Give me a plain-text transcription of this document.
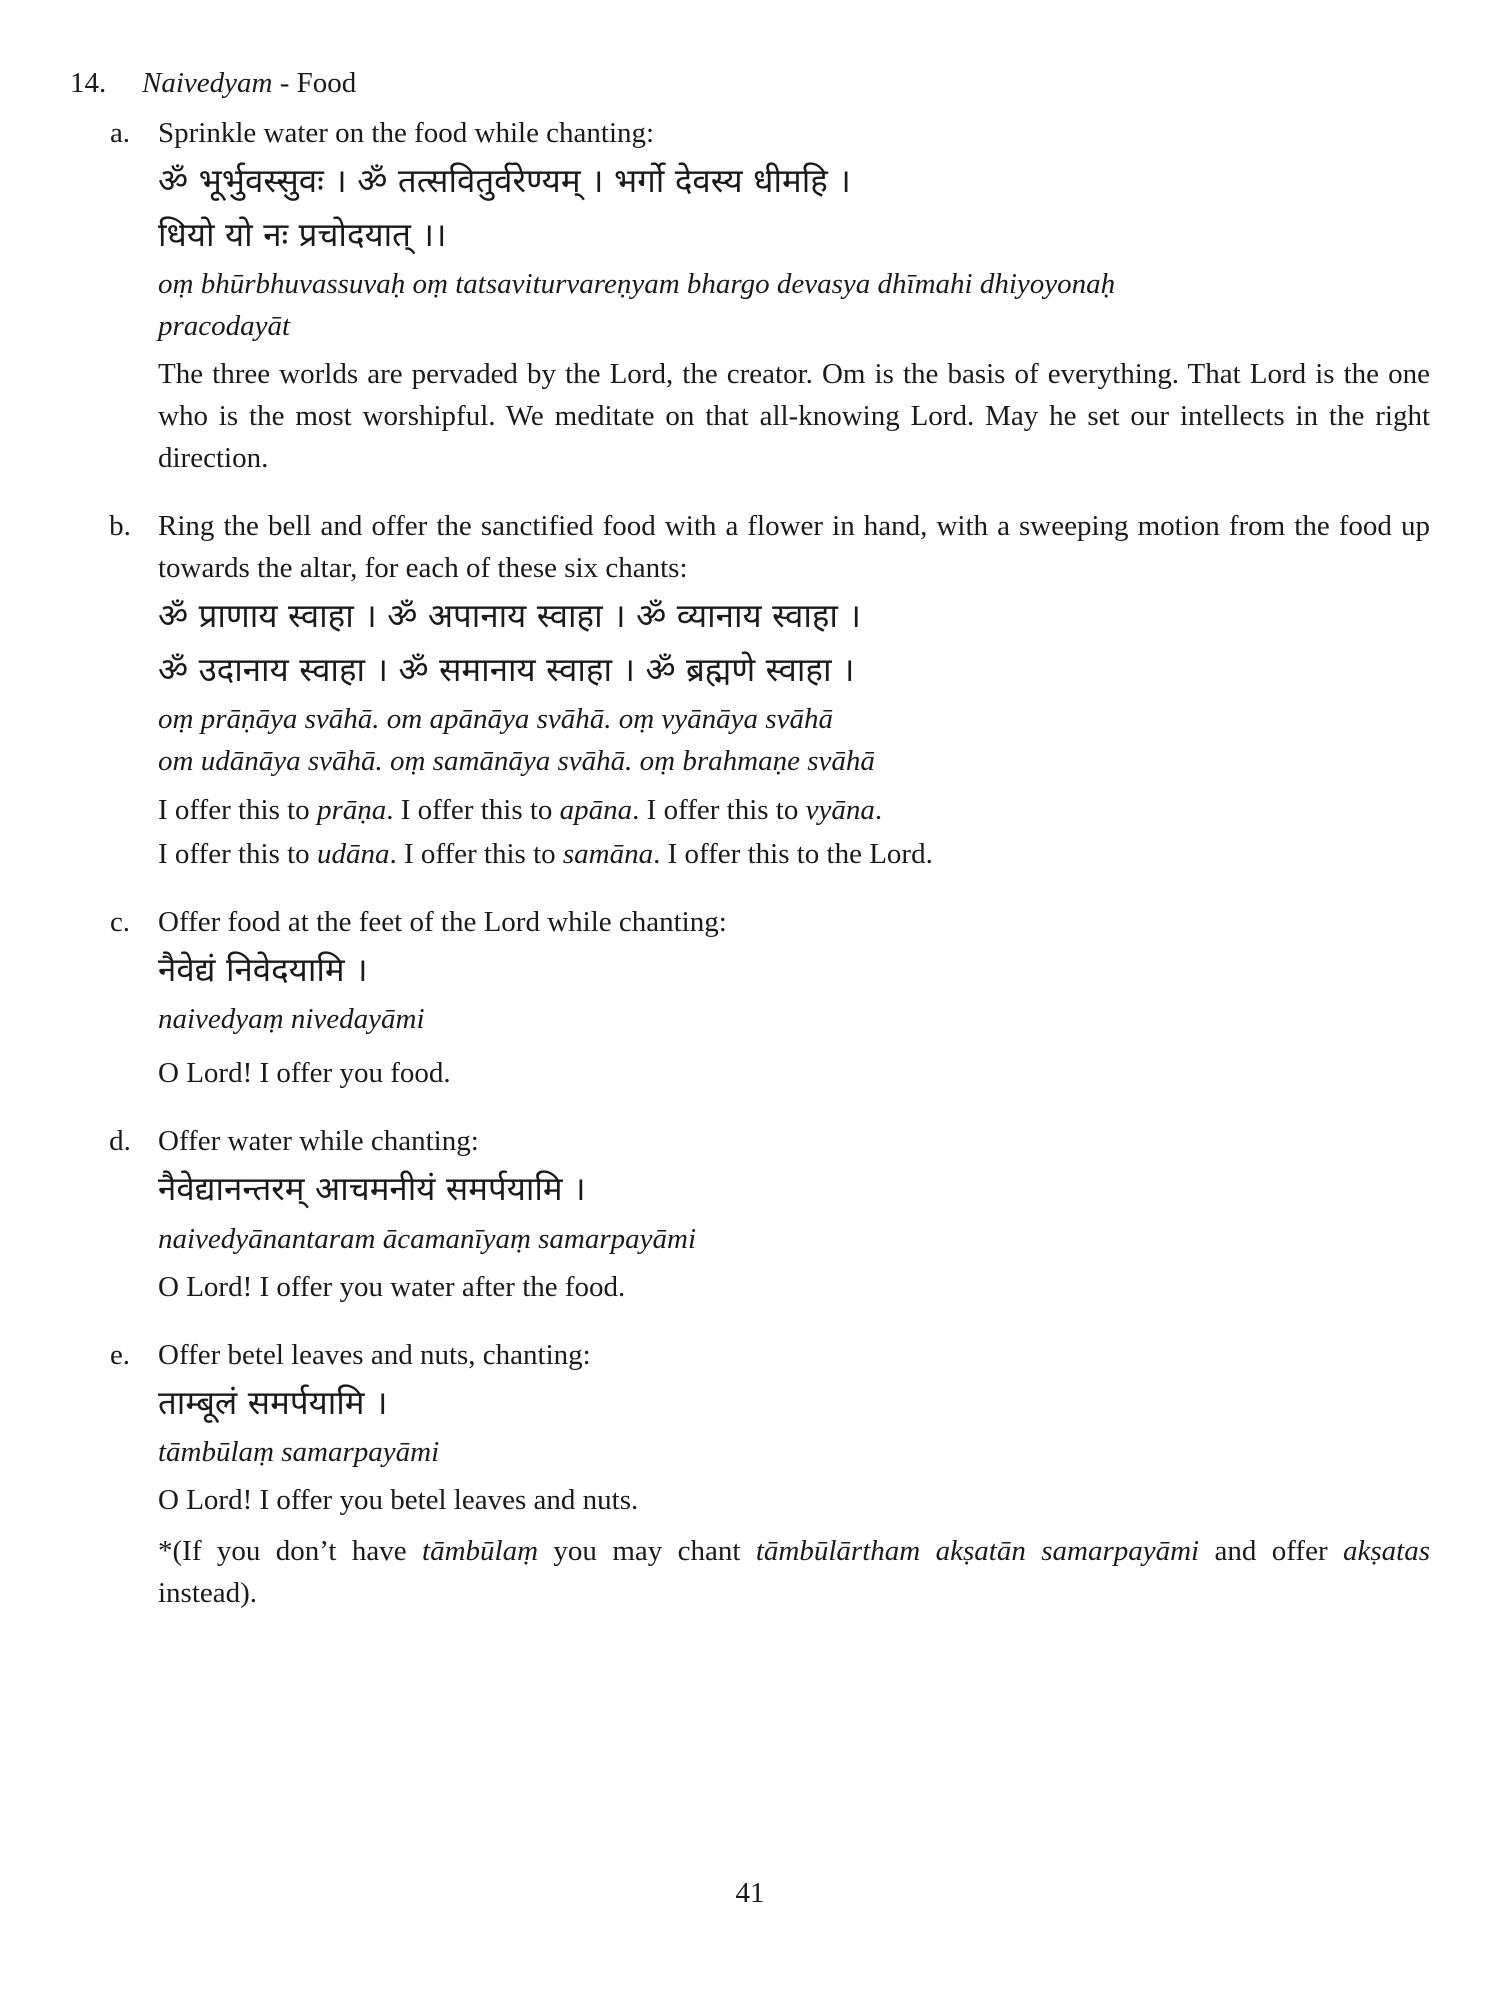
14.	Naivedyam - Food
a. Sprinkle water on the food while chanting:

ॐ भूर्भुवस्सुवः । ॐ तत्सवितुर्वरेण्यम् । भर्गो देवस्य धीमहि ।

धियो यो नः प्रचोदयात् ।।

oṃ bhūrbhuvassuvaḥ oṃ tatsaviturvareṇyam bhargo devasya dhīmahi dhiyoyonaḥ

pracodayāt

The three worlds are pervaded by the Lord, the creator. Om is the basis of everything. That Lord is the one who is the most worshipful. We meditate on that all-knowing Lord. May he set our intellects in the right direction.

b. Ring the bell and offer the sanctified food with a flower in hand, with a sweeping motion from the food up towards the altar, for each of these six chants:

ॐ प्राणाय स्वाहा । ॐ अपानाय स्वाहा । ॐ व्यानाय स्वाहा ।

ॐ उदानाय स्वाहा । ॐ समानाय स्वाहा । ॐ ब्रह्मणे स्वाहा ।

oṃ prāṇāya svāhā. om apānāya svāhā. oṃ vyānāya svāhā

om udānāya svāhā. oṃ samānāya svāhā. oṃ brahmaṇe svāhā

I offer this to prāṇa. I offer this to apāna. I offer this to vyāna.

I offer this to udāna. I offer this to samāna. I offer this to the Lord.

c. Offer food at the feet of the Lord while chanting:

नैवेद्यं निवेदयामि ।

naivedyaṃ nivedayāmi

O Lord! I offer you food.

d. Offer water while chanting:

नैवेद्यानन्तरम् आचमनीयं समर्पयामि ।

naivedyānantaram ācamanīyaṃ samarpayāmi

O Lord! I offer you water after the food.

e. Offer betel leaves and nuts, chanting:

ताम्बूलं समर्पयामि ।

tāmbūlaṃ samarpayāmi

O Lord! I offer you betel leaves and nuts.

*(If you don’t have tāmbūlaṃ you may chant tāmbūlārtham akṣatān samarpayāmi and offer akṣatas instead).

41
